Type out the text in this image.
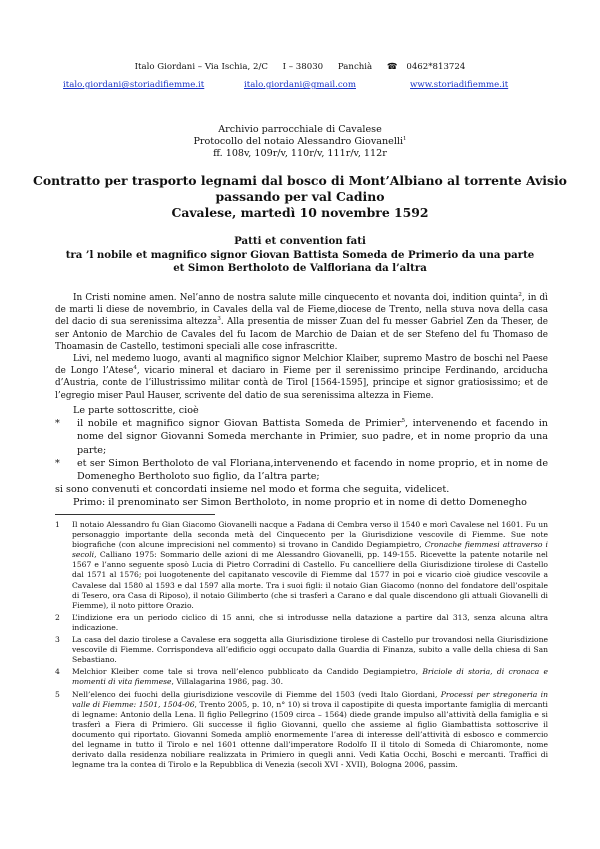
Italo Giordani – Via Ischia, 2/C I – 38030 Panchià ☎ 0462*813724
italo.giordani@storiadifiemme.it	italo.giordani@gmail.com	www.storiadifiemme.it
Archivio parrocchiale di Cavalese
Protocollo del notaio Alessandro Giovanelli$^1$
ff. 108v, 109r/v, 110r/v, 111r/v, 112r
Contratto per trasporto legnami dal bosco di Mont’Albiano al torrente Avisio
passando per val Cadino
Cavalese, martedì 10 novembre 1592
Patti et convention fati
tra ’l nobile et magnifico signor Giovan Battista Someda de Primerio da una parte
et Simon Bertholoto de Valfloriana da l’altra

In Cristi nomine amen. Nel’anno de nostra salute mille cinquecento et novanta doi, indition quinta$^2$, in dì de marti li diese de novembrio, in Cavales della val de Fieme,diocese de Trento, nella stuva nova della casa del dacio di sua serenissima altezza$^3$. Alla presentia de misser Zuan del fu messer Gabriel Zen da Theser, de ser Antonio de Marchio de Cavales del fu Iacom de Marchio de Daian et de ser Stefeno del fu Thomaso de Thoamasin de Castello, testimoni speciali alle cose infrascritte.

Livi, nel medemo luogo, avanti al magnifico signor Melchior Klaiber, supremo Mastro de boschi nel Paese de Longo l’Atese$^4$, vicario mineral et daciaro in Fieme per il serenissimo principe Ferdinando, arciducha d’Austria, conte de l’illustrissimo militar contà de Tirol [1564-1595], principe et signor gratiosissimo; et de l’egregio miser Paul Hauser, scrivente del datio de sua serenissima altezza in Fieme.

Le parte sottoscritte, cioè
* il nobile et magnifico signor Giovan Battista Someda de Primier$^5$, intervenendo et facendo in nome del signor Giovanni Someda merchante in Primier, suo padre, et in nome proprio da una parte;
* et ser Simon Bertholoto de val Floriana,intervenendo et facendo in nome proprio, et in nome de Domenegho Bertholoto suo figlio, da l’altra parte;
si sono convenuti et concordati insieme nel modo et forma che seguita, videlicet.
Primo: il prenominato ser Simon Bertholoto, in nome proprio et in nome di detto Domenegho
1 Il notaio Alessandro fu Gian Giacomo Giovanelli nacque a Fadana di Cembra verso il 1540 e morì Cavalese nel 1601. Fu un personaggio importante della seconda metà del Cinquecento per la Giurisdizione vescovile di Fiemme. Sue note biografiche (con alcune imprecisioni nel commento) si trovano in Candido Degiampietro, Cronache fiemmesi attraverso i secoli, Calliano 1975: Sommario delle azioni di me Alessandro Giovanelli, pp. 149-155. Ricevette la patente notarile nel 1567 e l’anno seguente sposò Lucia di Pietro Corradini di Castello. Fu cancelliere della Giurisdizione tirolese di Castello dal 1571 al 1576; poi luogotenente del capitanato vescovile di Fiemme dal 1577 in poi e vicario cioè giudice vescovile a Cavalese dal 1580 al 1593 e dal 1597 alla morte. Tra i suoi figli: il notaio Gian Giacomo (nonno del fondatore dell’ospitale di Tesero, ora Casa di Riposo), il notaio Gilimberto (che si trasferì a Carano e dal quale discendono gli attuali Giovanelli di Fiemme), il noto pittore Orazio.
2 L’indizione era un periodo ciclico di 15 anni, che si introdusse nella datazione a partire dal 313, senza alcuna altra indicazione.
3 La casa del dazio tirolese a Cavalese era soggetta alla Giurisdizione tirolese di Castello pur trovandosi nella Giurisdizione vescovile di Fiemme. Corrispondeva all’edificio oggi occupato dalla Guardia di Finanza, subito a valle della chiesa di San Sebastiano.
4 Melchior Kleiber come tale si trova nell’elenco pubblicato da Candido Degiampietro, Briciole di storia, di cronaca e momenti di vita fiemmese, Villalagarina 1986, pag. 30.
5 Nell’elenco dei fuochi della giurisdizione vescovile di Fiemme del 1503 (vedi Italo Giordani, Processi per stregoneria in valle di Fiemme: 1501, 1504-06, Trento 2005, p. 10, n° 10) si trova il capostipite di questa importante famiglia di mercanti di legname: Antonio della Lena. Il figlio Pellegrino (1509 circa – 1564) diede grande impulso all’attività della famiglia e si trasferì a Fiera di Primiero. Gli successe il figlio Giovanni, quello che assieme al figlio Giambattista sottoscrive il documento qui riportato. Giovanni Someda ampliò enormemente l’area di interesse dell’attività di esbosco e commercio del legname in tutto il Tirolo e nel 1601 ottenne dall’imperatore Rodolfo II il titolo di Someda di Chiaromonte, nome derivato dalla residenza nobiliare realizzata in Primiero in quegli anni. Vedi Katia Occhi, Boschi e mercanti. Traffici di legname tra la contea di Tirolo e la Repubblica di Venezia (secoli XVI - XVII), Bologna 2006, passim.
